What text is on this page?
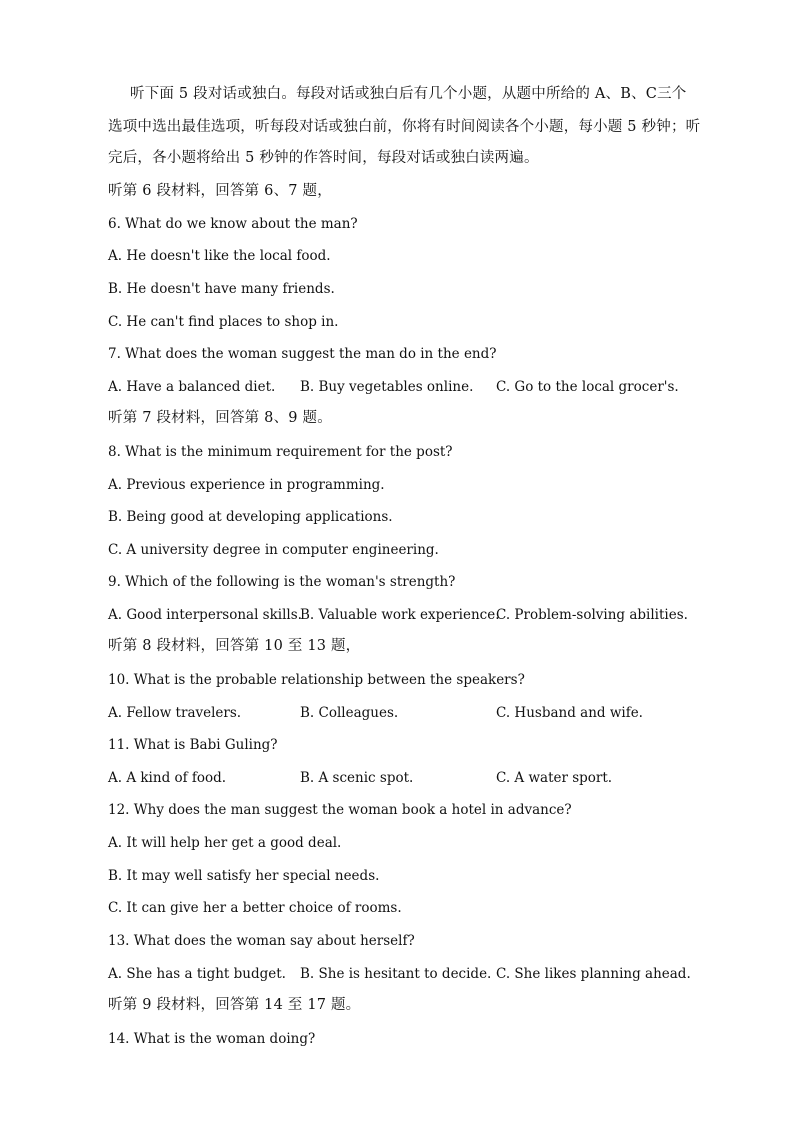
听下面 5 段对话或独白。每段对话或独白后有几个小题，从题中所给的 A、B、C三个
选项中选出最佳选项，听每段对话或独白前，你将有时间阅读各个小题，每小题 5 秒钟；听
完后，各小题将给出 5 秒钟的作答时间，每段对话或独白读两遍。
听第 6 段材料，回答第 6、7 题，
6. What do we know about the man?
A. He doesn't like the local food.
B. He doesn't have many friends.
C. He can't find places to shop in.
7. What does the woman suggest the man do in the end?
A. Have a balanced diet. B. Buy vegetables online. C. Go to the local grocer's.
听第 7 段材料，回答第 8、9 题。
8. What is the minimum requirement for the post?
A. Previous experience in programming.
B. Being good at developing applications.
C. A university degree in computer engineering.
9. Which of the following is the woman's strength?
A. Good interpersonal skills.
B. Valuable work experience.
C. Problem-solving abilities.
听第 8 段材料，回答第 10 至 13 题，
10. What is the probable relationship between the speakers?
A. Fellow travelers.	B. Colleagues.	C. Husband and wife.
11. What is Babi Guling?
A. A kind of food.	B. A scenic spot.	C. A water sport.
12. Why does the man suggest the woman book a hotel in advance?
A. It will help her get a good deal.
B. It may well satisfy her special needs.
C. It can give her a better choice of rooms.
13. What does the woman say about herself?
A. She has a tight budget. B. She is hesitant to decide. C. She likes planning ahead.
听第 9 段材料，回答第 14 至 17 题。
14. What is the woman doing?
